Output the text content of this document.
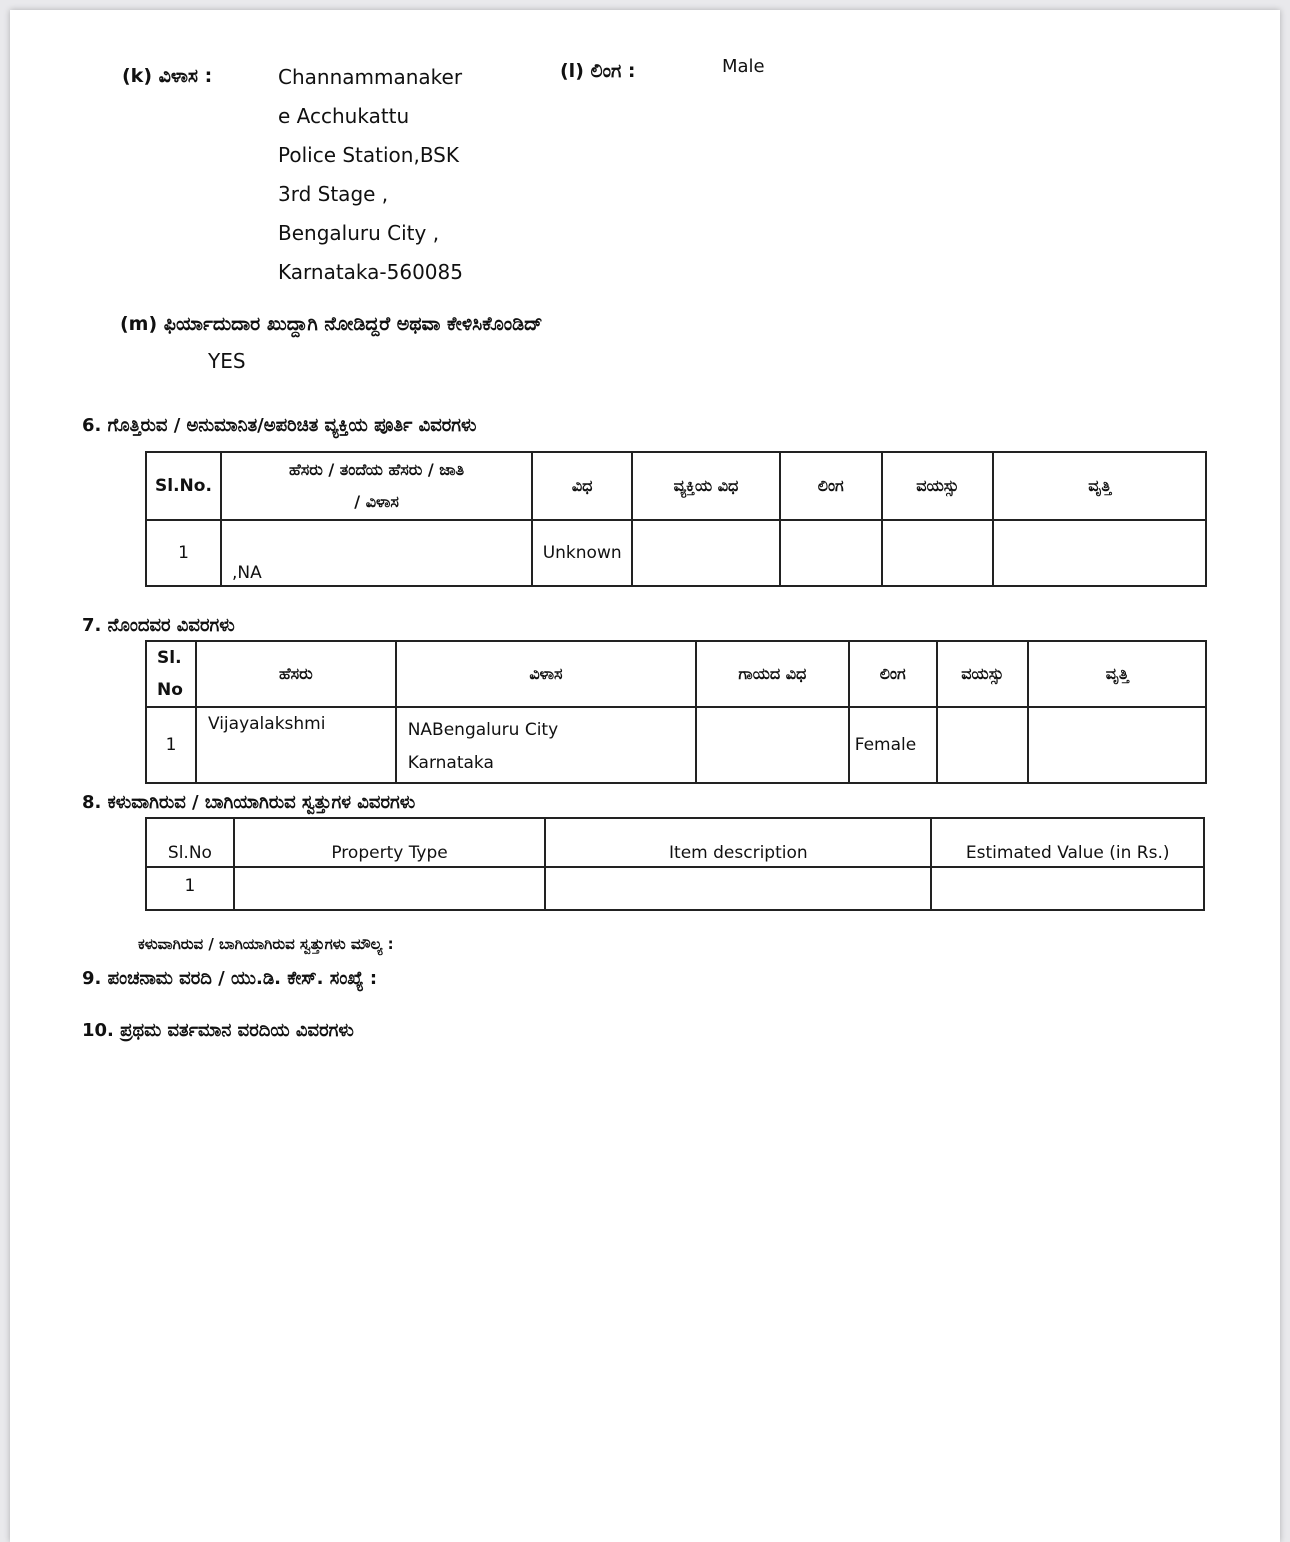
(k) ವಿಳಾಸ :	Channammanaker
e Acchukattu
Police Station,BSK
3rd Stage ,
Bengaluru City ,
Karnataka-560085
(l) ಲಿಂಗ :	Male
(m) ಫಿರ್ಯಾದುದಾರ ಖುದ್ದಾಗಿ ನೋಡಿದ್ದರೆ ಅಥವಾ ಕೇಳಿಸಿಕೊಂಡಿದ್
YES
6. ಗೊತ್ತಿರುವ / ಅನುಮಾನಿತ/ಅಪರಿಚಿತ ವ್ಯಕ್ತಿಯ ಪೂರ್ತಿ ವಿವರಗಳು
Sl.No.	ಹೆಸರು / ತಂದೆಯ ಹೆಸರು / ಜಾತಿ
/ ವಿಳಾಸ	ವಿಧ	ವ್ಯಕ್ತಿಯ ವಿಧ	ಲಿಂಗ	ವಯಸ್ಸು	ವೃತ್ತಿ
1	,NA	Unknown				
7. ನೊಂದವರ ವಿವರಗಳು
Sl.
No	ಹೆಸರು	ವಿಳಾಸ	ಗಾಯದ ವಿಧ	ಲಿಂಗ	ವಯಸ್ಸು	ವೃತ್ತಿ
1	Vijayalakshmi	NABengaluru City
Karnataka		Female		
8. ಕಳುವಾಗಿರುವ / ಬಾಗಿಯಾಗಿರುವ ಸ್ವತ್ತುಗಳ ವಿವರಗಳು
Sl.No	Property Type	Item description	Estimated Value (in Rs.)
1			
ಕಳುವಾಗಿರುವ / ಬಾಗಿಯಾಗಿರುವ ಸ್ವತ್ತುಗಳು ಮೌಲ್ಯ :
9. ಪಂಚನಾಮ ವರದಿ / ಯು.ಡಿ. ಕೇಸ್. ಸಂಖ್ಯೆ :
10. ಪ್ರಥಮ ವರ್ತಮಾನ ವರದಿಯ ವಿವರಗಳು
